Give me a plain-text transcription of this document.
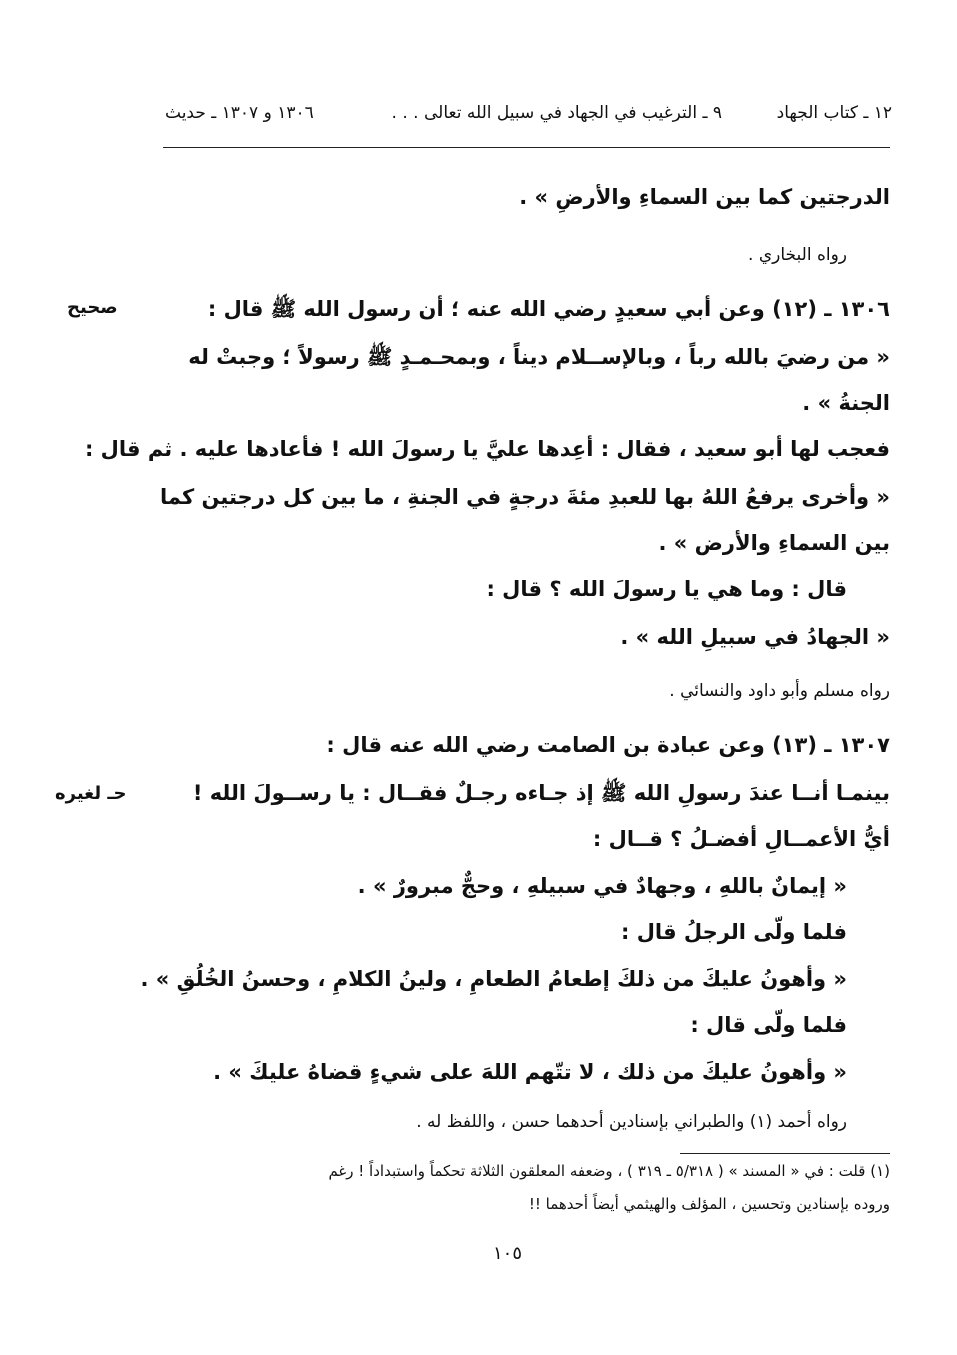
١٢ ـ كتاب الجهاد
٩ ـ الترغيب في الجهاد في سبيل الله تعالى . . .
١٣٠٦ و ١٣٠٧ ـ حديث
الدرجتين كما بين السماءِ والأرضِ » .
رواه البخاري .
صحيح	١٣٠٦ ـ (١٢) وعن أبي سعيدٍ رضي الله عنه ؛ أن رسول الله ﷺ قال :
« من رضيَ بالله رباً ، وبالإســلام ديناً ، وبمحـمـدٍ ﷺ رسولاً ؛ وجبتْ له
الجنةُ » .
فعجب لها أبو سعيد ، فقال : أعِدها عليَّ يا رسولَ الله ! فأعادها عليه . ثم قال :
« وأخرى يرفعُ اللهُ بها للعبدِ مئةَ درجةٍ في الجنةِ ، ما بين كل درجتين كما
بين السماءِ والأرض » .
قال : وما هي يا رسولَ الله ؟ قال :
« الجهادُ في سبيلِ الله » .
رواه مسلم وأبو داود والنسائي .
١٣٠٧ ـ (١٣) وعن عبادة بن الصامت رضي الله عنه قال :
حـ لغيره	بينمـا أنــا عندَ رسولِ الله ﷺ إذ جـاءه رجـلٌ فقــال : يا رســولَ الله !
أيُّ الأعمــالِ أفضـلُ ؟ قــال :
« إيمانٌ باللهِ ، وجهادٌ في سبيلهِ ، وحجٌّ مبرورٌ » .
فلما ولّى الرجلُ قال :
« وأهونُ عليكَ من ذلكَ إطعامُ الطعامِ ، ولينُ الكلامِ ، وحسنُ الخُلُقِ » .
فلما ولّى قال :
« وأهونُ عليكَ من ذلك ، لا تتّهم اللهَ على شيءٍ قضاهُ عليكَ » .
رواه أحمد (١) والطبراني بإسنادين أحدهما حسن ، واللفظ له .
(١) قلت : في « المسند » ( ٥/٣١٨ ـ ٣١٩ ) ، وضعفه المعلقون الثلاثة تحكماً واستبداداً ! رغم
وروده بإسنادين وتحسين ، المؤلف والهيثمي أيضاً أحدهما !!
١٠٥
